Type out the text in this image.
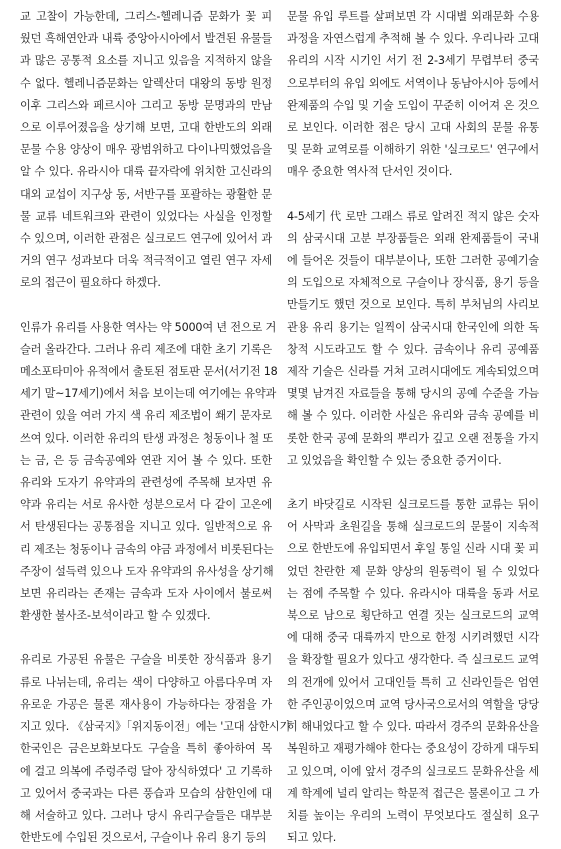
교 고찰이 가능한데, 그리스-헬레니즘 문화가 꽃 피
웠던 흑해연안과 내륙 중앙아시아에서 발견된 유물들
과 많은 공통적 요소를 지니고 있음을 지적하지 않을
수 없다. 헬레니즘문화는 알렉산더 대왕의 동방 원정
이후 그리스와 페르시아 그리고 동방 문명과의 만남
으로 이루어졌음을 상기해 보면, 고대 한반도의 외래
문물 수용 양상이 매우 광범위하고 다이나믹했었음을
알 수 있다. 유라시아 대륙 끝자락에 위치한 고신라의
대외 교섭이 지구상 동, 서반구를 포괄하는 광활한 문
물 교류 네트워크와 관련이 있었다는 사실을 인정할
수 있으며, 이러한 관점은 실크로드 연구에 있어서 과
거의 연구 성과보다 더욱 적극적이고 열린 연구 자세
로의 접근이 필요하다 하겠다.

인류가 유리를 사용한 역사는 약 5000여 년 전으로 거
슬러 올라간다. 그러나 유리 제조에 대한 초기 기록은
메소포타미아 유적에서 출토된 점토판 문서(서기전 18
세기 말~17세기)에서 처음 보이는데 여기에는 유약과
관련이 있을 여러 가지 색 유리 제조법이 쐐기 문자로
쓰여 있다. 이러한 유리의 탄생 과정은 청동이나 철 또
는 금, 은 등 금속공예와 연관 지어 볼 수 있다. 또한
유리와 도자기 유약과의 관련성에 주목해 보자면 유
약과 유리는 서로 유사한 성분으로서 다 같이 고온에
서 탄생된다는 공통점을 지니고 있다. 일반적으로 유
리 제조는 청동이나 금속의 야금 과정에서 비롯된다는
주장이 설득력 있으나 도자 유약과의 유사성을 상기해
보면 유리라는 존재는 금속과 도자 사이에서 불로써
환생한 불사조-보석이라고 할 수 있겠다.

유리로 가공된 유물은 구슬을 비롯한 장식품과 용기
류로 나뉘는데, 유리는 색이 다양하고 아름다우며 자
유로운 가공은 물론 재사용이 가능하다는 장점을 가
지고 있다. 《삼국지》「위지동이전」에는 '고대 삼한시기
한국인은 금은보화보다도 구슬을 특히 좋아하여 목
에 걸고 의복에 주렁주렁 달아 장식하였다' 고 기록하
고 있어서 중국과는 다른 풍습과 모습의 삼한인에 대
해 서술하고 있다. 그러나 당시 유리구슬들은 대부분
한반도에 수입된 것으로서, 구슬이나 유리 용기 등의

문물 유입 루트를 살펴보면 각 시대별 외래문화 수용
과정을 자연스럽게 추적해 볼 수 있다. 우리나라 고대
유리의 시작 시기인 서기 전 2-3세기 무렵부터 중국
으로부터의 유입 외에도 서역이나 동남아시아 등에서
완제품의 수입 및 기술 도입이 꾸준히 이어져 온 것으
로 보인다. 이러한 점은 당시 고대 사회의 문물 유통
및 문화 교역로를 이해하기 위한 '실크로드' 연구에서
매우 중요한 역사적 단서인 것이다.

4-5세기 代 로만 그래스 류로 알려진 적지 않은 숫자
의 삼국시대 고분 부장품들은 외래 완제품들이 국내
에 들어온 것들이 대부분이나, 또한 그러한 공예기술
의 도입으로 자체적으로 구슬이나 장식품, 용기 등을
만들기도 했던 것으로 보인다. 특히 부처님의 사리보
관용 유리 용기는 일찍이 삼국시대 한국인에 의한 독
창적 시도라고도 할 수 있다. 금속이나 유리 공예품
제작 기술은 신라를 거쳐 고려시대에도 계속되었으며
몇몇 남겨진 자료들을 통해 당시의 공예 수준을 가늠
해 볼 수 있다. 이러한 사실은 유리와 금속 공예를 비
롯한 한국 공예 문화의 뿌리가 깊고 오랜 전통을 가지
고 있었음을 확인할 수 있는 중요한 증거이다.

초기 바닷길로 시작된 실크로드를 통한 교류는 뒤이
어 사막과 초원길을 통해 실크로드의 문물이 지속적
으로 한반도에 유입되면서 후일 통일 신라 시대 꽃 피
었던 찬란한 제 문화 양상의 원동력이 될 수 있었다
는 점에 주목할 수 있다. 유라시아 대륙을 동과 서로
북으로 남으로 횡단하고 연결 짓는 실크로드의 교역
에 대해 중국 대륙까지 만으로 한정 시키려했던 시각
을 확장할 필요가 있다고 생각한다. 즉 실크로드 교역
의 전개에 있어서 고대인들 특히 고 신라인들은 엄연
한 주인공이었으며 교역 당사국으로서의 역할을 당당
히 해내었다고 할 수 있다. 따라서 경주의 문화유산을
복원하고 재평가해야 한다는 중요성이 강하게 대두되
고 있으며, 이에 앞서 경주의 실크로드 문화유산을 세
계 학계에 널리 알리는 학문적 접근은 물론이고 그 가
치를 높이는 우리의 노력이 무엇보다도 절실히 요구
되고 있다.
